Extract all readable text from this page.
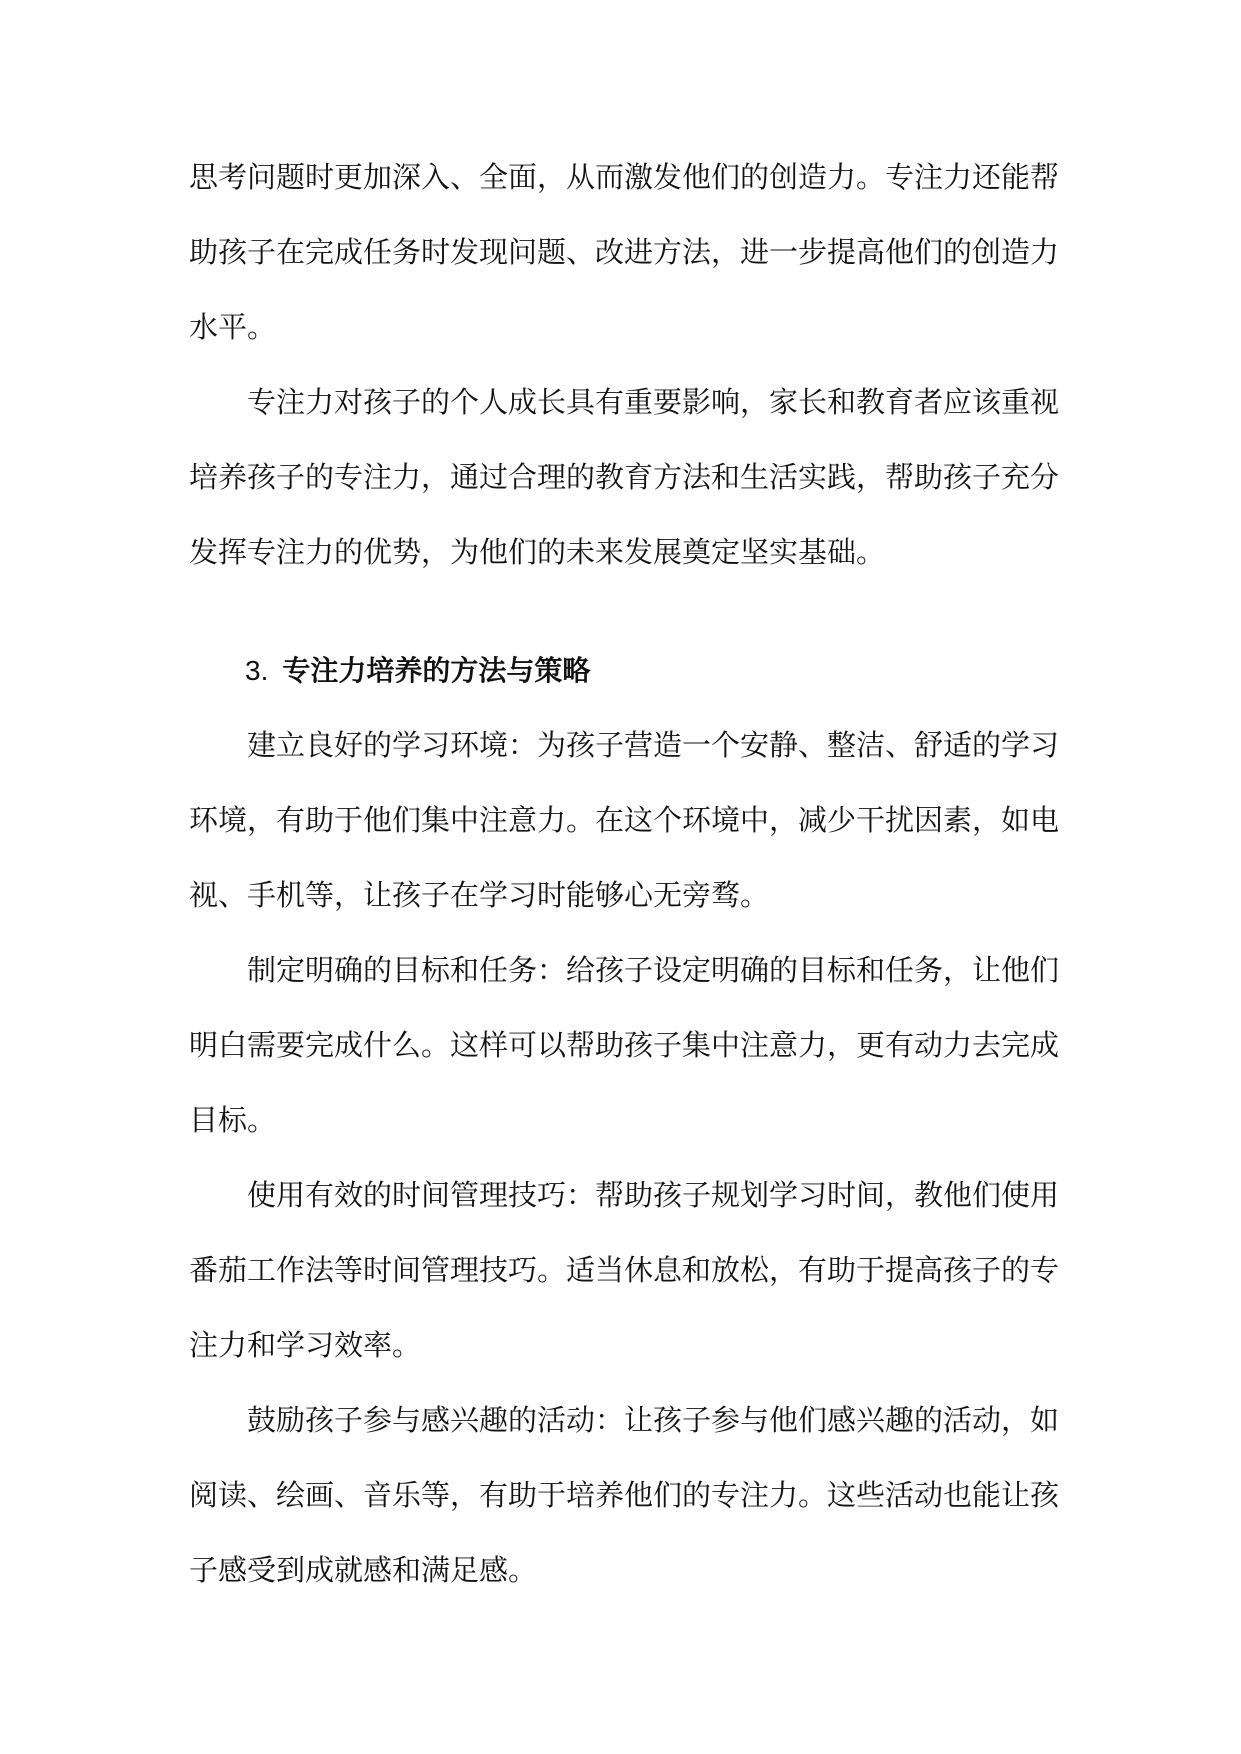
思考问题时更加深入、全面，从而激发他们的创造力。专注力还能帮助孩子在完成任务时发现问题、改进方法，进一步提高他们的创造力水平。

专注力对孩子的个人成长具有重要影响，家长和教育者应该重视培养孩子的专注力，通过合理的教育方法和生活实践，帮助孩子充分发挥专注力的优势，为他们的未来发展奠定坚实基础。

3. 专注力培养的方法与策略

建立良好的学习环境：为孩子营造一个安静、整洁、舒适的学习环境，有助于他们集中注意力。在这个环境中，减少干扰因素，如电视、手机等，让孩子在学习时能够心无旁骛。

制定明确的目标和任务：给孩子设定明确的目标和任务，让他们明白需要完成什么。这样可以帮助孩子集中注意力，更有动力去完成目标。

使用有效的时间管理技巧：帮助孩子规划学习时间，教他们使用番茄工作法等时间管理技巧。适当休息和放松，有助于提高孩子的专注力和学习效率。

鼓励孩子参与感兴趣的活动：让孩子参与他们感兴趣的活动，如阅读、绘画、音乐等，有助于培养他们的专注力。这些活动也能让孩子感受到成就感和满足感。
